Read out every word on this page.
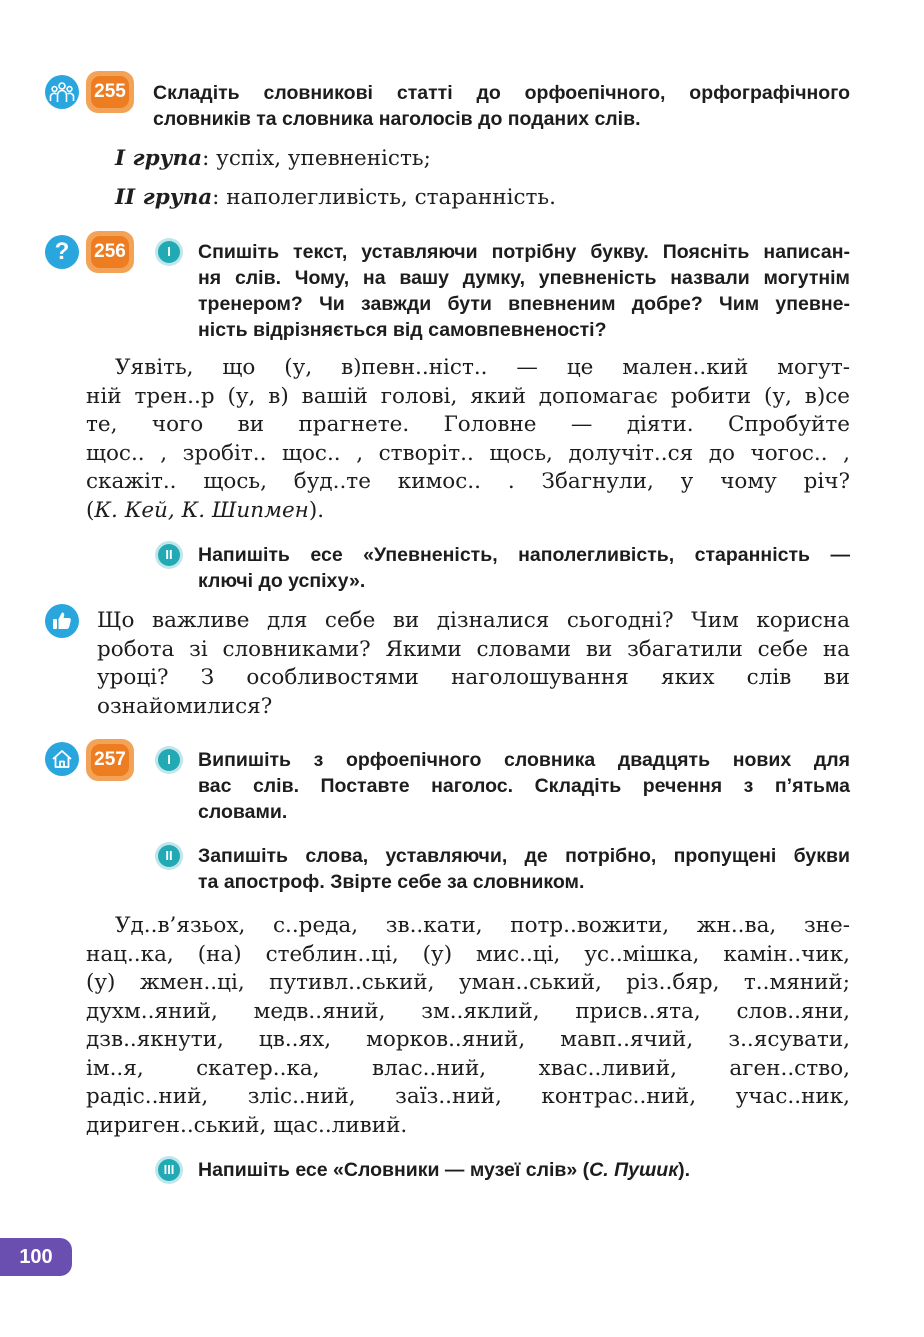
255 Складіть словникові статті до орфоепічного, орфографічного

словників та словника наголосів до поданих слів.

І група: успіх, упевненість;
ІІ група: наполегливість, старанність.
? 256	І	Спишіть текст, уставляючи потрібну букву. Поясніть написан-

ня слів. Чому, на вашу думку, упевненість назвали могутнім

тренером? Чи завжди бути впевненим добре? Чим упевне-

ність відрізняється від самовпевненості?

Уявіть, що (у, в)певн..ніст.. — це мален..кий могут-

ній трен..р (у, в) вашій голові, який допомагає робити (у, в)се

те, чого ви прагнете. Головне — діяти. Спробуйте

щос.. , зробіт.. щос.. , створіт.. щось, долучіт..ся до чогос.. ,

скажіт.. щось, буд..те кимос.. . Збагнули, у чому річ?

(К. Кей, К. Шипмен).

ІІ	Напишіть есе «Упевненість, наполегливість, старанність —

ключі до успіху».

Що важливе для себе ви дізналися сьогодні? Чим корисна

робота зі словниками? Якими словами ви збагатили себе на

уроці? З особливостями наголошування яких слів ви

ознайомилися?

257	І	Випишіть з орфоепічного словника двадцять нових для

вас слів. Поставте наголос. Складіть речення з п’ятьма

словами.

ІІ	Запишіть слова, уставляючи, де потрібно, пропущені букви

та апостроф. Звірте себе за словником.

Уд..в’язьох, с..реда, зв..кати, потр..вожити, жн..ва, зне-

нац..ка, (на) стеблин..ці, (у) мис..ці, ус..мішка, камін..чик,

(у) жмен..ці, путивл..ський, уман..ський, різ..бяр, т..мяний;

духм..яний, медв..яний, зм..яклий, присв..ята, слов..яни,

дзв..якнути, цв..ях, морков..яний, мавп..ячий, з..ясувати,

ім..я, скатер..ка, влас..ний, хвас..ливий, аген..ство,

радіс..ний, зліс..ний, заїз..ний, контрас..ний, учас..ник,

дириген..ський, щас..ливий.

ІІІ Напишіть есе «Словники — музеї слів» (С. Пушик).

100
